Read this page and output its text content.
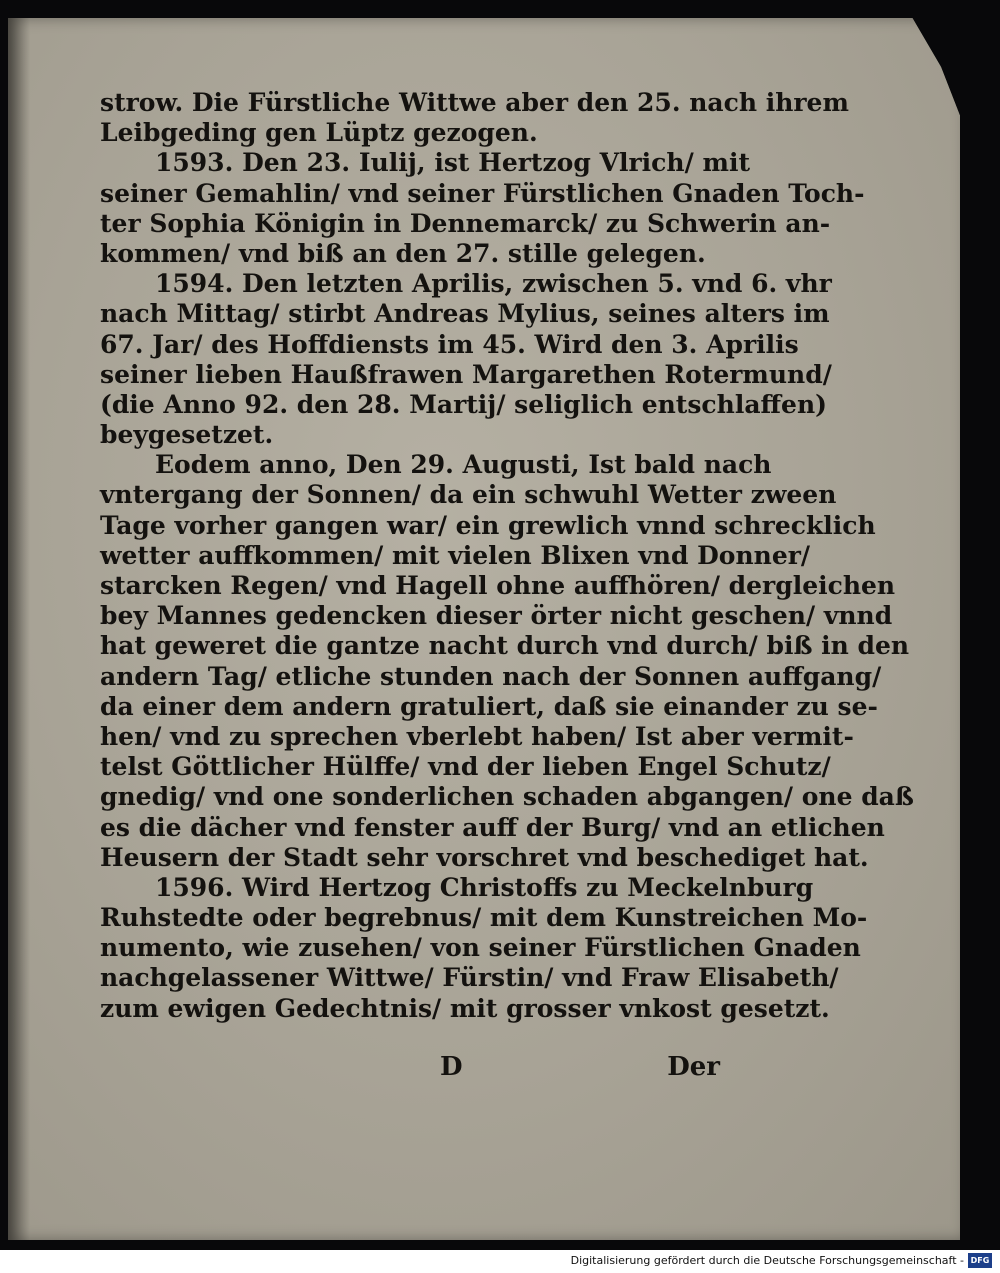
strow. Die Fürstliche Wittwe aber den 25. nach ihrem
Leibgeding gen Lüptz gezogen.
1593. Den 23. Iulij, ist Hertzog Vlrich/ mit
seiner Gemahlin/ vnd seiner Fürstlichen Gnaden Toch-
ter Sophia Königin in Dennemarck/ zu Schwerin an-
kommen/ vnd biß an den 27. stille gelegen.
1594. Den letzten Aprilis, zwischen 5. vnd 6. vhr
nach Mittag/ stirbt Andreas Mylius, seines alters im
67. Jar/ des Hoffdiensts im 45. Wird den 3. Aprilis
seiner lieben Haußfrawen Margarethen Rotermund/
(die Anno 92. den 28. Martij/ seliglich entschlaffen)
beygesetzet.
Eodem anno, Den 29. Augusti, Ist bald nach
vntergang der Sonnen/ da ein schwuhl Wetter zween
Tage vorher gangen war/ ein grewlich vnnd schrecklich
wetter auffkommen/ mit vielen Blixen vnd Donner/
starcken Regen/ vnd Hagell ohne auffhören/ dergleichen
bey Mannes gedencken dieser örter nicht geschen/ vnnd
hat geweret die gantze nacht durch vnd durch/ biß in den
andern Tag/ etliche stunden nach der Sonnen auffgang/
da einer dem andern gratuliert, daß sie einander zu se-
hen/ vnd zu sprechen vberlebt haben/ Ist aber vermit-
telst Göttlicher Hülffe/ vnd der lieben Engel Schutz/
gnedig/ vnd one sonderlichen schaden abgangen/ one daß
es die dächer vnd fenster auff der Burg/ vnd an etlichen
Heusern der Stadt sehr vorschret vnd beschediget hat.
1596. Wird Hertzog Christoffs zu Meckelnburg
Ruhstedte oder begrebnus/ mit dem Kunstreichen Mo-
numento, wie zusehen/ von seiner Fürstlichen Gnaden
nachgelassener Wittwe/ Fürstin/ vnd Fraw Elisabeth/
zum ewigen Gedechtnis/ mit grosser vnkost gesetzt.
D	Der
Digitalisierung gefördert durch die Deutsche Forschungsgemeinschaft - DFG
